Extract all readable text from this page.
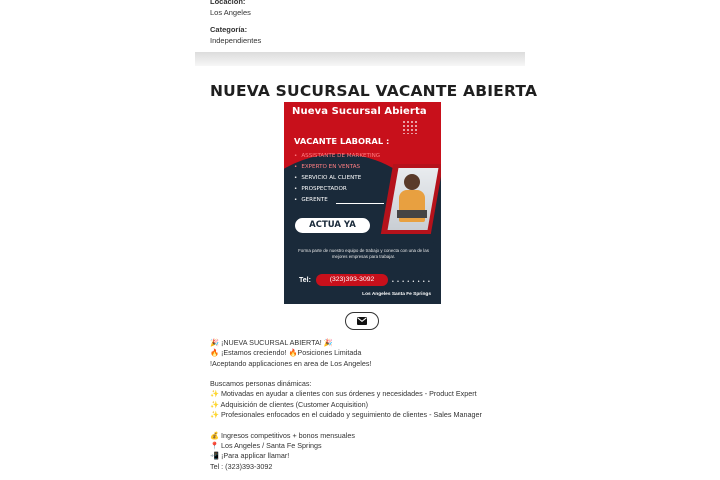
Locación:
Los Angeles
Categoría:
Independientes
NUEVA SUCURSAL VACANTE ABIERTA
Nueva Sucursal Abierta
VACANTE LABORAL :
• ASSISTANTE DE MARKETING
• EXPERTO EN VENTAS
• SERVICIO AL CLIENTE
• PROSPECTADOR
• GERENTE
ACTUA YA
Forma parte de nuestro equipo de trabajo y conecta con una de las mejores empresas para trabajar.
Tel:	(323)393-3092	• • • • • • • •
Los Angeles Santa Fe Springs
🎉 ¡NUEVA SUCURSAL ABIERTA! 🎉
🔥 ¡Estamos creciendo! 🔥Posiciones Limitada
!Aceptando applicaciones en area de Los Angeles!
Buscamos personas dinámicas:
✨ Motivadas en ayudar a clientes con sus órdenes y necesidades - Product Expert
✨ Adquisición de clientes (Customer Acquisition)
✨ Profesionales enfocados en el cuidado y seguimiento de clientes - Sales Manager
💰 Ingresos competitivos + bonos mensuales
📍 Los Angeles / Santa Fe Springs
📲 ¡Para applicar llamar!
Tel : (323)393-3092
